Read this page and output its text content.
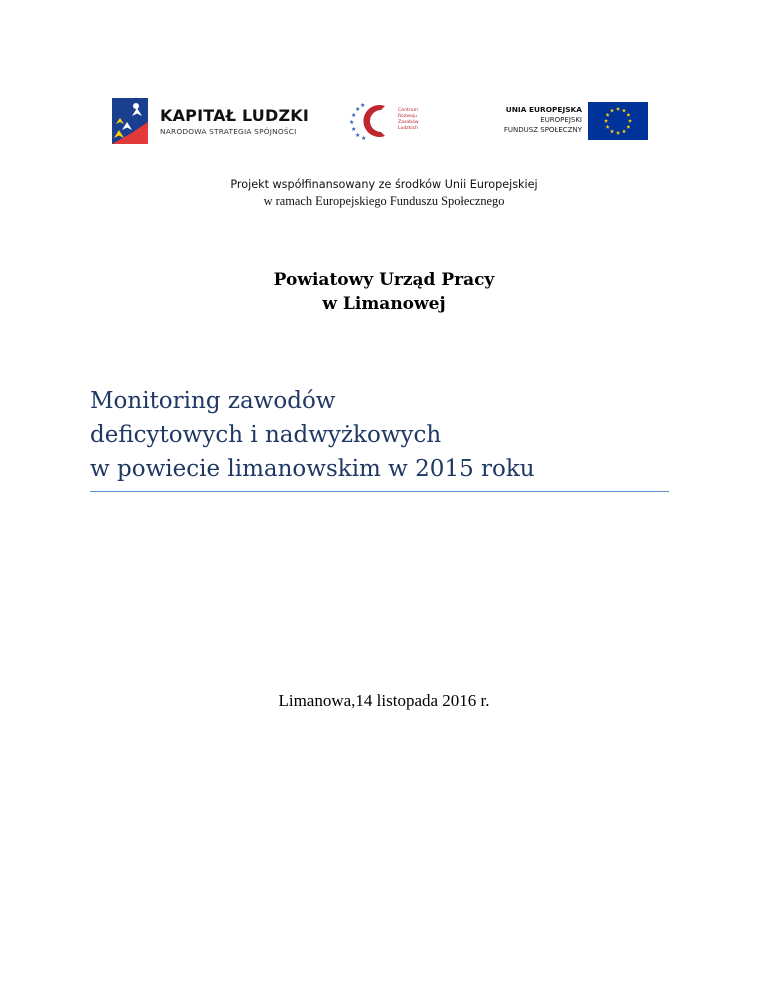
KAPITAŁ LUDZKI
NARODOWA STRATEGIA SPÓJNOŚCI
★
★
★
★
★
★
★
Centrum
Rozwoju
Zasobów
Ludzkich
UNIA EUROPEJSKA
EUROPEJSKI
FUNDUSZ SPOŁECZNY
Projekt współfinansowany ze środków Unii Europejskiej
w ramach Europejskiego Funduszu Społecznego
Powiatowy Urząd Pracy
w Limanowej
Monitoring zawodów
deficytowych i nadwyżkowych
w powiecie limanowskim w 2015 roku
Limanowa,14 listopada 2016 r.
